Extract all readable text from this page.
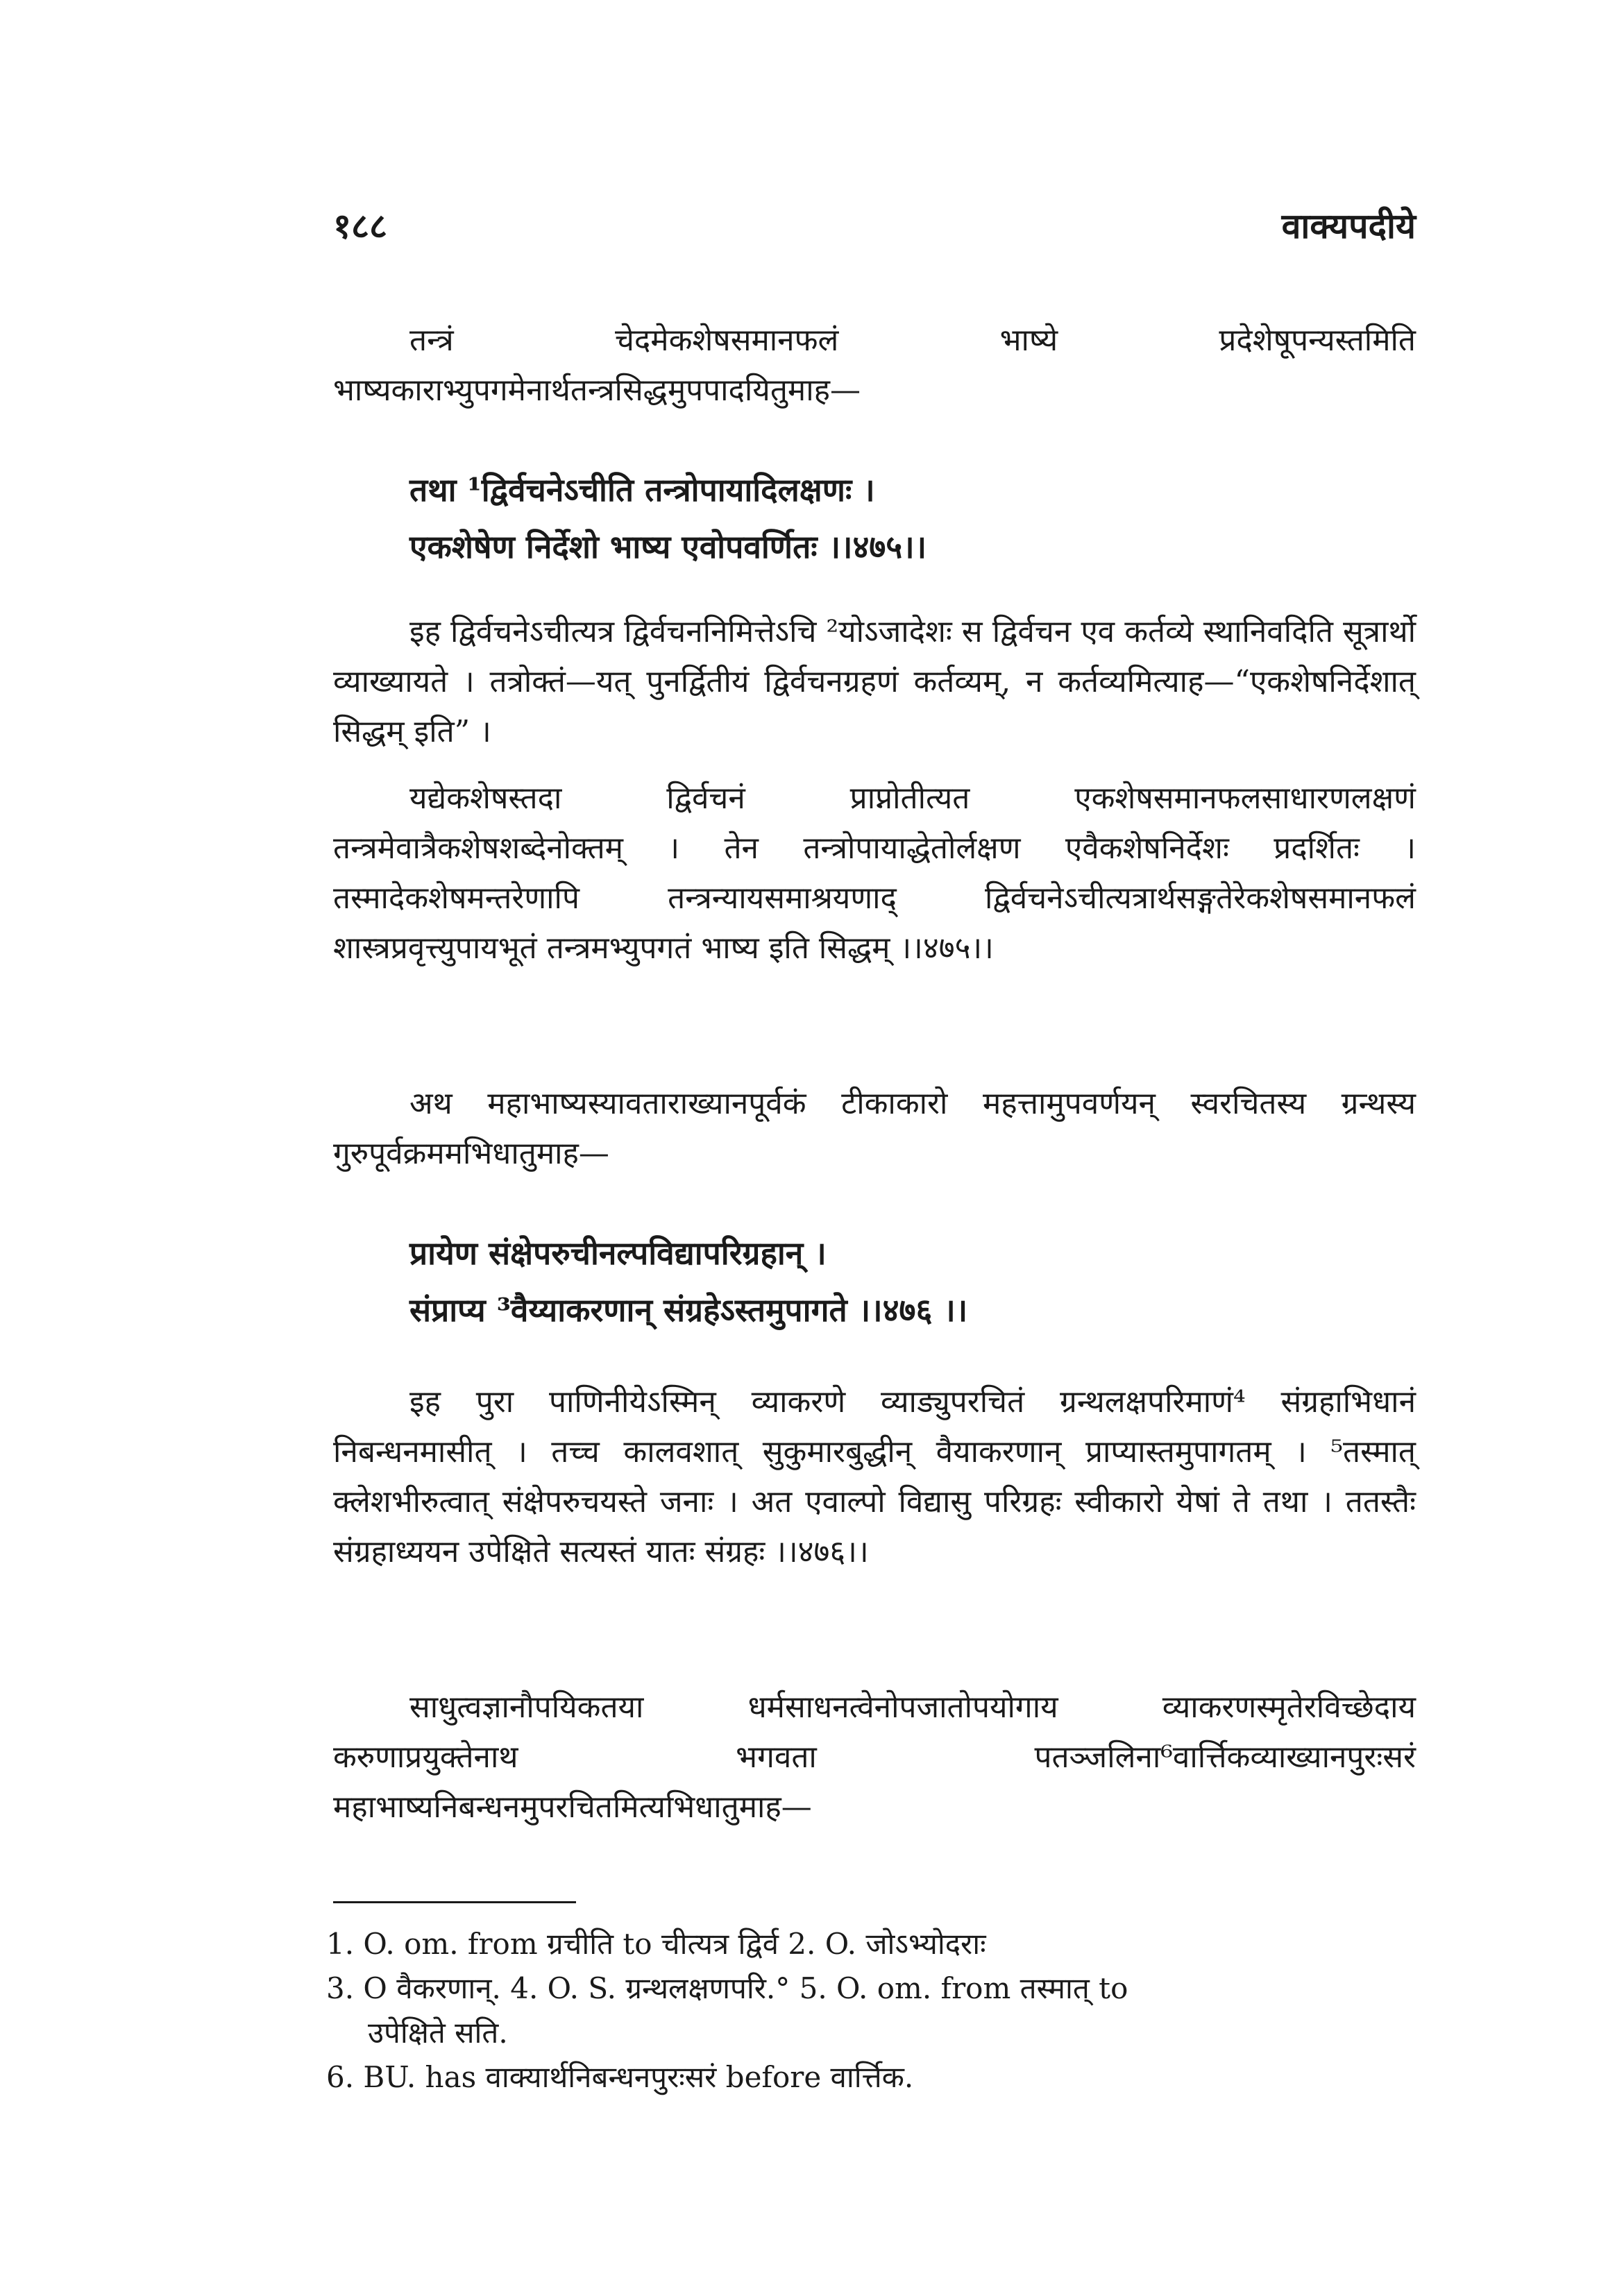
१८८	वाक्यपदीये

तन्त्रं चेदमेकशेषसमानफलं भाष्ये प्रदेशेषूपन्यस्तमिति भाष्यकाराभ्युपगमेनार्थतन्त्रसिद्धमुपपादयितुमाह—

तथा ¹द्विर्वचनेऽचीति तन्त्रोपायादिलक्षणः ।
एकशेषेण निर्देशो भाष्य एवोपवर्णितः ।।४७५।।

इह द्विर्वचनेऽचीत्यत्र द्विर्वचननिमित्तेऽचि ²योऽजादेशः स द्विर्वचन एव कर्तव्ये स्थानिवदिति सूत्रार्थो व्याख्यायते । तत्रोक्तं—यत् पुनर्द्वितीयं द्विर्वचनग्रहणं कर्तव्यम्, न कर्तव्यमित्याह—“एकशेषनिर्देशात् सिद्धम् इति” ।

यद्येकशेषस्तदा द्विर्वचनं प्राप्नोतीत्यत एकशेषसमानफलसाधारणलक्षणं तन्त्रमेवात्रैकशेषशब्देनोक्तम् । तेन तन्त्रोपायाद्धेतोर्लक्षण एवैकशेषनिर्देशः प्रदर्शितः । तस्मादेकशेषमन्तरेणापि तन्त्रन्यायसमाश्रयणाद् द्विर्वचनेऽचीत्यत्रार्थसङ्गतेरेकशेषसमानफलं शास्त्रप्रवृत्त्युपायभूतं तन्त्रमभ्युपगतं भाष्य इति सिद्धम् ।।४७५।।

अथ महाभाष्यस्यावताराख्यानपूर्वकं टीकाकारो महत्तामुपवर्णयन् स्वरचितस्य ग्रन्थस्य गुरुपूर्वक्रममभिधातुमाह—

प्रायेण संक्षेपरुचीनल्पविद्यापरिग्रहान् ।
संप्राप्य ³वैय्याकरणान् संग्रहेऽस्तमुपागते ।।४७६ ।।

इह पुरा पाणिनीयेऽस्मिन् व्याकरणे व्याड्युपरचितं ग्रन्थलक्षपरिमाणं⁴ संग्रहाभिधानं निबन्धनमासीत् । तच्च कालवशात् सुकुमारबुद्धीन् वैयाकरणान् प्राप्यास्तमुपागतम् । ⁵तस्मात् क्लेशभीरुत्वात् संक्षेपरुचयस्ते जनाः । अत एवाल्पो विद्यासु परिग्रहः स्वीकारो येषां ते तथा । ततस्तैः संग्रहाध्ययन उपेक्षिते सत्यस्तं यातः संग्रहः ।।४७६।।

साधुत्वज्ञानौपयिकतया धर्मसाधनत्वेनोपजातोपयोगाय व्याकरणस्मृतेरविच्छेदाय करुणाप्रयुक्तेनाथ भगवता पतञ्जलिना⁶वार्त्तिकव्याख्यानपुरःसरं महाभाष्यनिबन्धनमुपरचितमित्यभिधातुमाह—

1. O. om. from ग्रचीति to चीत्यत्र द्विर्व 2. O. जोऽभ्योदराः
3. O वैकरणान्. 4. O. S. ग्रन्थलक्षणपरि.° 5. O. om. from तस्मात् to
उपेक्षिते सति.
6. BU. has वाक्यार्थनिबन्धनपुरःसरं before वार्त्तिक.
